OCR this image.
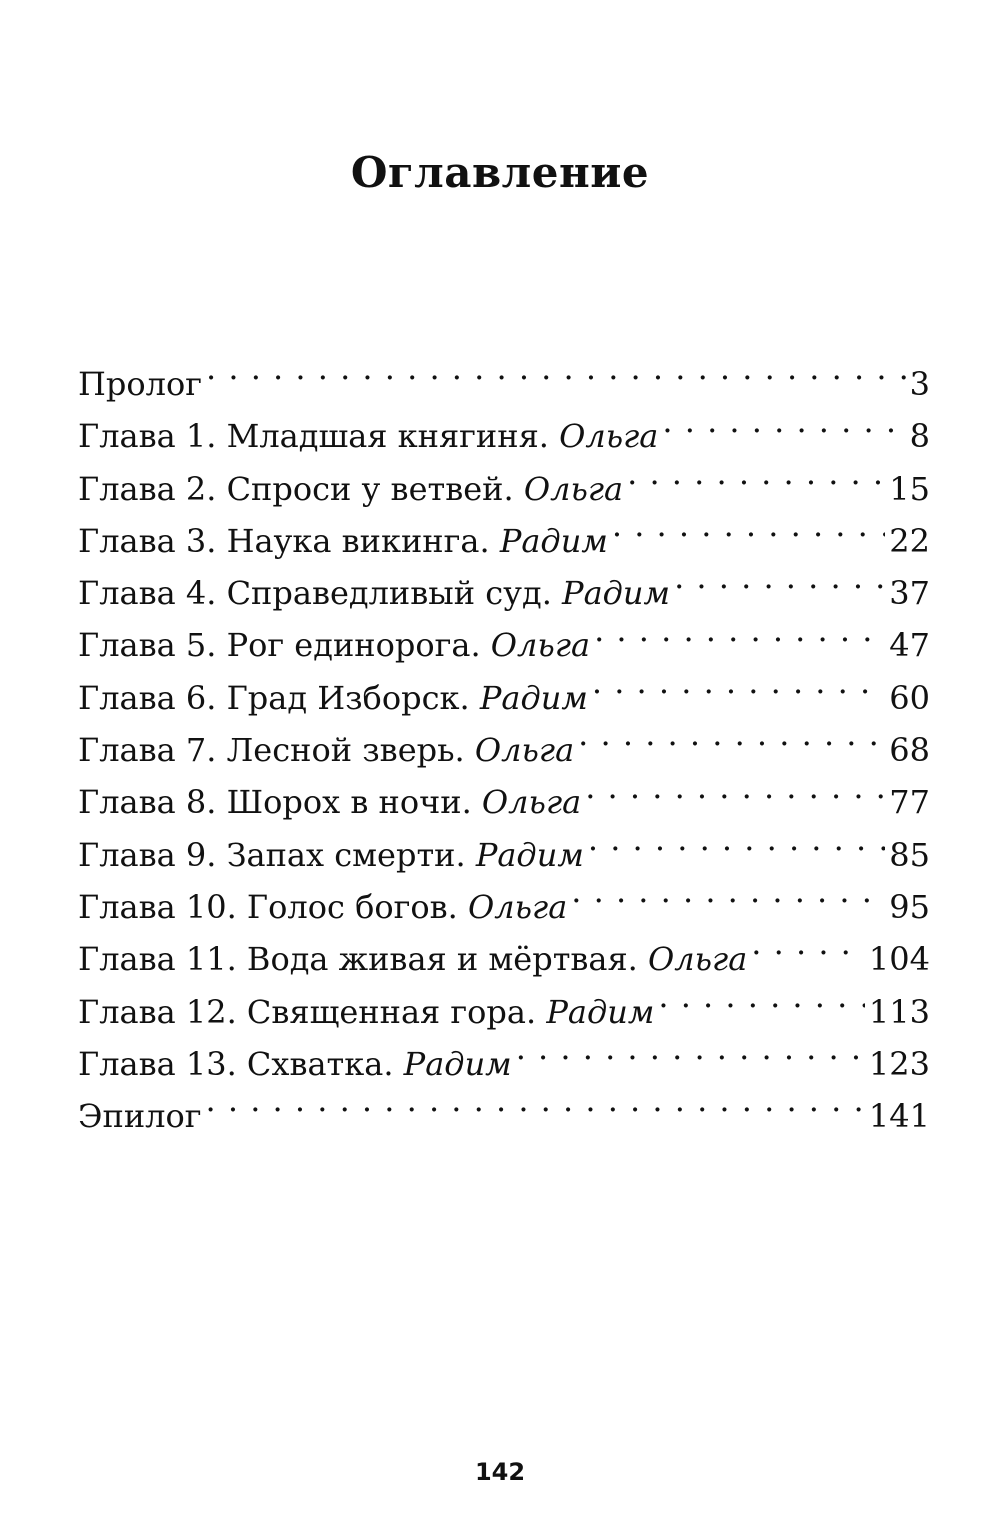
Оглавление
Пролог . . .	3
Глава 1. Младшая княгиня. Ольга . . .	8
Глава 2. Спроси у ветвей. Ольга . . .	15
Глава 3. Наука викинга. Радим . . .	22
Глава 4. Справедливый суд. Радим . . .	37
Глава 5. Рог единорога. Ольга . . .	47
Глава 6. Град Изборск. Радим . . .	60
Глава 7. Лесной зверь. Ольга . . .	68
Глава 8. Шорох в ночи. Ольга . . .	77
Глава 9. Запах смерти. Радим . . .	85
Глава 10. Голос богов. Ольга . . .	95
Глава 11. Вода живая и мёртвая. Ольга . . .	104
Глава 12. Священная гора. Радим . . .	113
Глава 13. Схватка. Радим . . .	123
Эпилог . . .	141

142
